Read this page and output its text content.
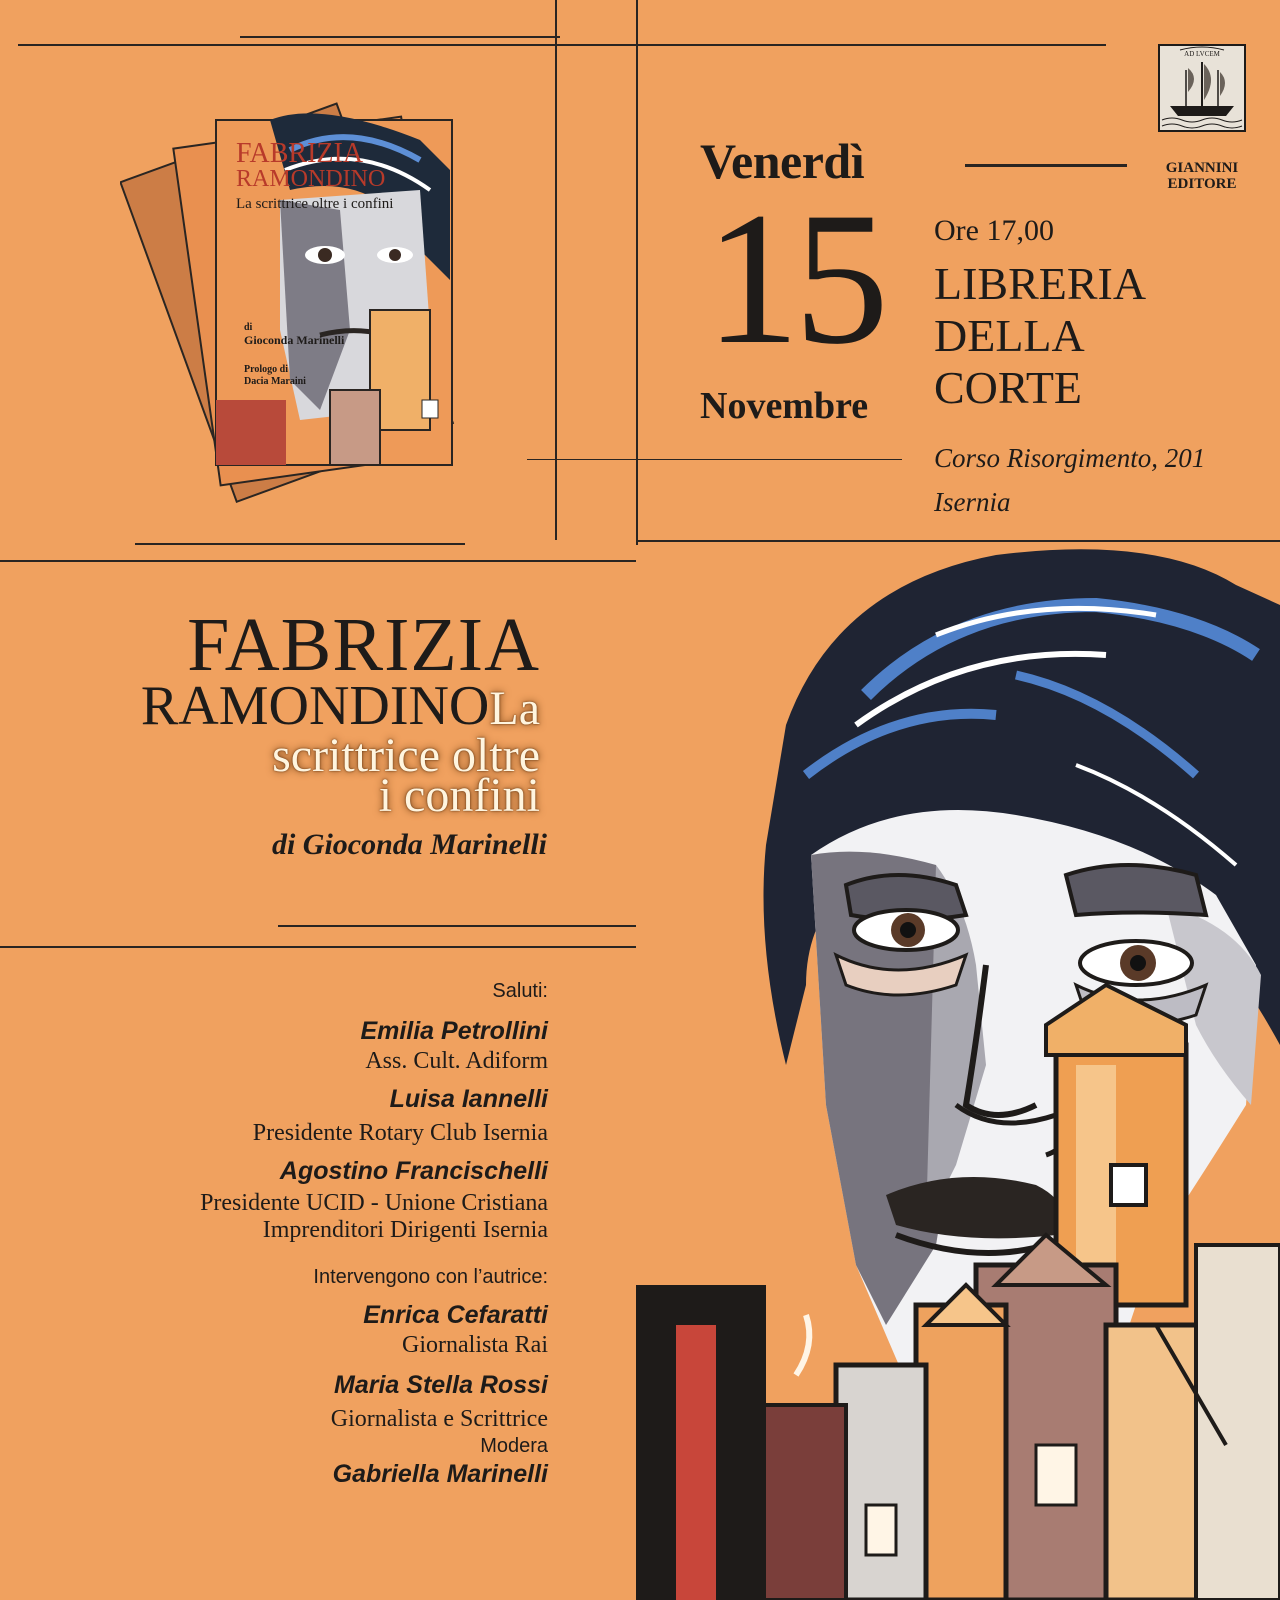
FABRIZIA
RAMONDINO
La scrittrice oltre i confini
di
Gioconda Marinelli
Prologo di
Dacia Maraini
Venerdì
15
Novembre
Ore 17,00
LIBRERIA
DELLA
CORTE
Corso Risorgimento, 201
Isernia
AD LVCEM
GIANNINI
EDITORE
FABRIZIA
RAMONDINOLa
scrittrice oltre
i confini
di Gioconda Marinelli
Saluti:
Emilia Petrollini
Ass. Cult. Adiform
Luisa Iannelli
Presidente Rotary Club Isernia
Agostino Francischelli
Presidente UCID - Unione Cristiana
Imprenditori Dirigenti Isernia
Intervengono con l’autrice:
Enrica Cefaratti
Giornalista Rai
Maria Stella Rossi
Giornalista e Scrittrice
Modera
Gabriella Marinelli
